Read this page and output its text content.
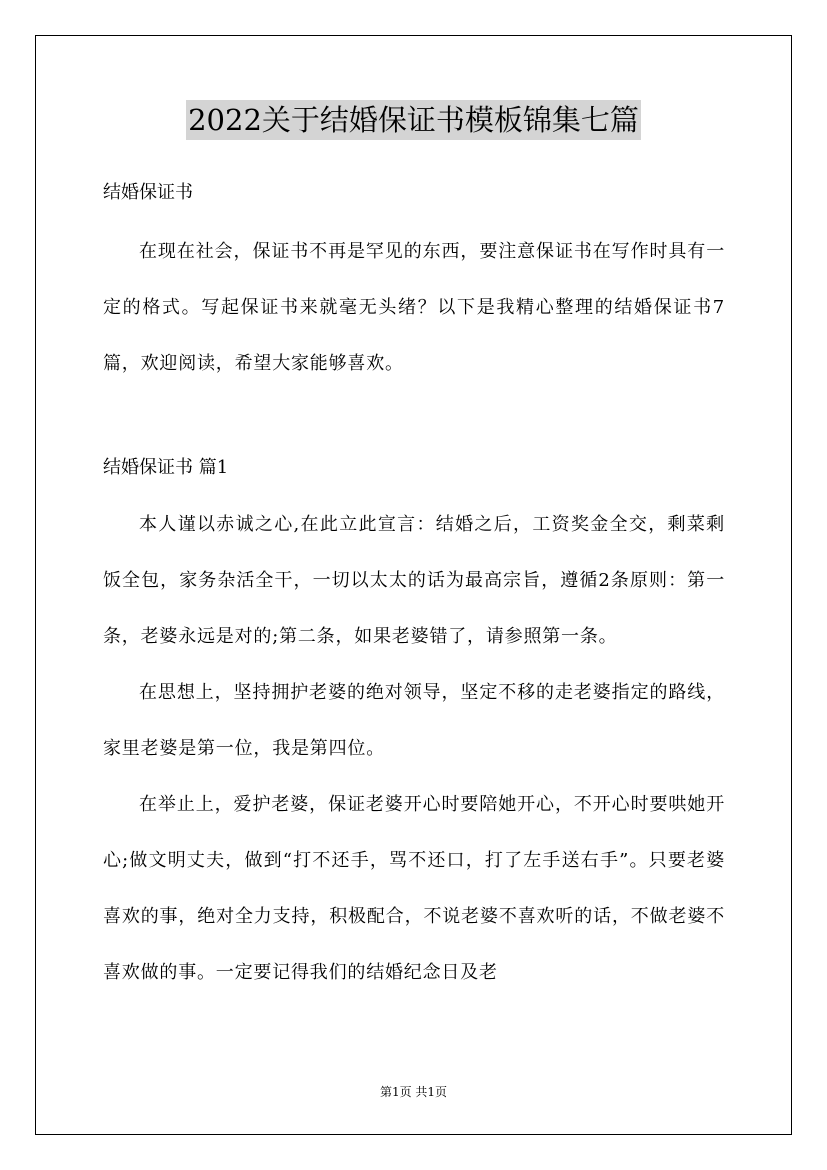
2022关于结婚保证书模板锦集七篇

结婚保证书

在现在社会，保证书不再是罕见的东西，要注意保证书在写作时具有一定的格式。写起保证书来就毫无头绪？以下是我精心整理的结婚保证书7篇，欢迎阅读，希望大家能够喜欢。

结婚保证书 篇1

本人谨以赤诚之心,在此立此宣言：结婚之后，工资奖金全交，剩菜剩饭全包，家务杂活全干，一切以太太的话为最高宗旨，遵循2条原则：第一条，老婆永远是对的;第二条，如果老婆错了，请参照第一条。

在思想上，坚持拥护老婆的绝对领导，坚定不移的走老婆指定的路线，家里老婆是第一位，我是第四位。

在举止上，爱护老婆，保证老婆开心时要陪她开心，不开心时要哄她开心;做文明丈夫，做到“打不还手，骂不还口，打了左手送右手”。只要老婆喜欢的事，绝对全力支持，积极配合，不说老婆不喜欢听的话，不做老婆不喜欢做的事。一定要记得我们的结婚纪念日及老

第1页 共1页
